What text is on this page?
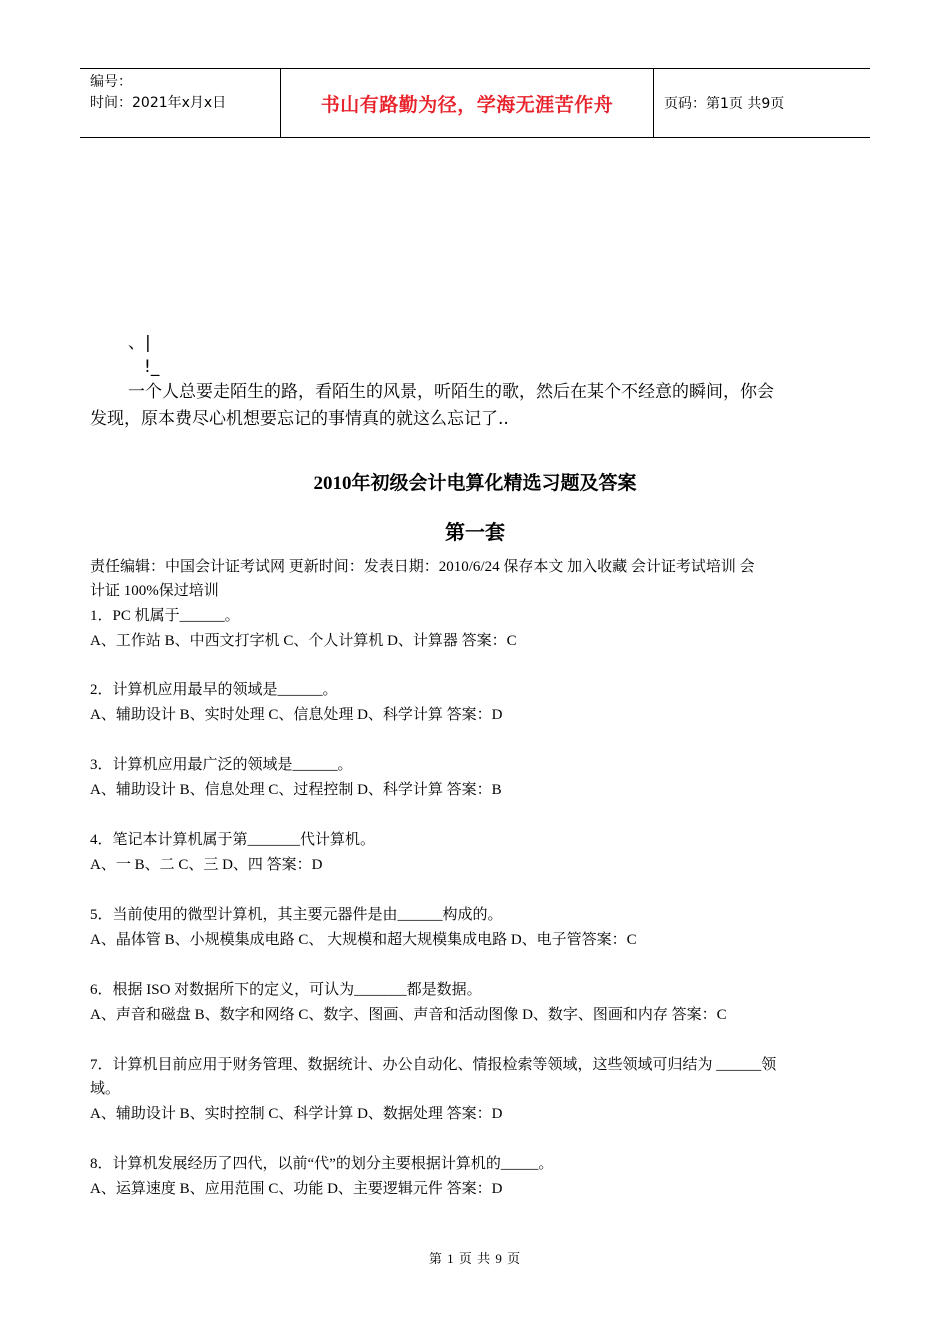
编号：
时间：2021年x月x日	书山有路勤为径，学海无涯苦作舟	页码：第1页 共9页
、|
!_
一个人总要走陌生的路，看陌生的风景，听陌生的歌，然后在某个不经意的瞬间，你会
发现，原本费尽心机想要忘记的事情真的就这么忘记了..
2010年初级会计电算化精选习题及答案
第一套
责任编辑：中国会计证考试网 更新时间：发表日期：2010/6/24 保存本文 加入收藏 会计证考试培训 会
计证 100%保过培训
1．PC 机属于______。
A、工作站 B、中西文打字机 C、个人计算机 D、计算器 答案：C
2．计算机应用最早的领域是______。
A、辅助设计 B、实时处理 C、信息处理 D、科学计算 答案：D
3．计算机应用最广泛的领域是______。
A、辅助设计 B、信息处理 C、过程控制 D、科学计算 答案：B
4．笔记本计算机属于第_______代计算机。
A、一 B、二 C、三 D、四 答案：D
5．当前使用的微型计算机，其主要元器件是由______构成的。
A、晶体管 B、小规模集成电路 C、 大规模和超大规模集成电路 D、电子管答案：C
6．根据 ISO 对数据所下的定义，可认为_______都是数据。
A、声音和磁盘 B、数字和网络 C、数字、图画、声音和活动图像 D、数字、图画和内存 答案：C
7．计算机目前应用于财务管理、数据统计、办公自动化、情报检索等领域，这些领域可归结为 ______领
域。
A、辅助设计 B、实时控制 C、科学计算 D、数据处理 答案：D
8．计算机发展经历了四代，以前“代”的划分主要根据计算机的_____。
A、运算速度 B、应用范围 C、功能 D、主要逻辑元件 答案：D
第 1 页 共 9 页
